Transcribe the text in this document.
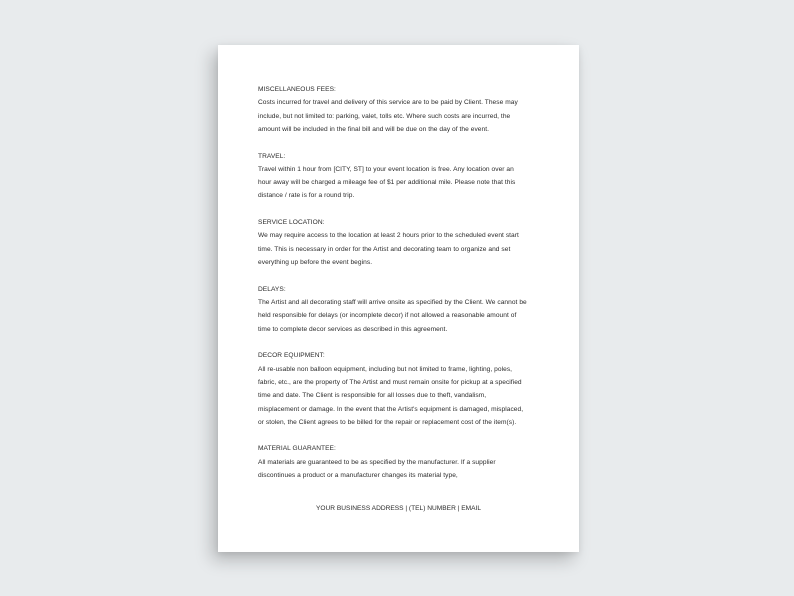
MISCELLANEOUS FEES:

Costs incurred for travel and delivery of this service are to be paid by Client. These may

include, but not limited to: parking, valet, tolls etc. Where such costs are incurred, the

amount will be included in the final bill and will be due on the day of the event.

TRAVEL:

Travel within 1 hour from [CITY, ST] to your event location is free. Any location over an

hour away will be charged a mileage fee of $1 per additional mile. Please note that this

distance / rate is for a round trip.

SERVICE LOCATION:

We may require access to the location at least 2 hours prior to the scheduled event start

time. This is necessary in order for the Artist and decorating team to organize and set

everything up before the event begins.

DELAYS:

The Artist and all decorating staff will arrive onsite as specified by the Client. We cannot be

held responsible for delays (or incomplete decor) if not allowed a reasonable amount of

time to complete decor services as described in this agreement.

DECOR EQUIPMENT:

All re-usable non balloon equipment, including but not limited to frame, lighting, poles,

fabric, etc., are the property of The Artist and must remain onsite for pickup at a specified

time and date. The Client is responsible for all losses due to theft, vandalism,

misplacement or damage. In the event that the Artist's equipment is damaged, misplaced,

or stolen, the Client agrees to be billed for the repair or replacement cost of the item(s).

MATERIAL GUARANTEE:

All materials are guaranteed to be as specified by the manufacturer. If a supplier

discontinues a product or a manufacturer changes its material type,

YOUR BUSINESS ADDRESS | (TEL) NUMBER | EMAIL
